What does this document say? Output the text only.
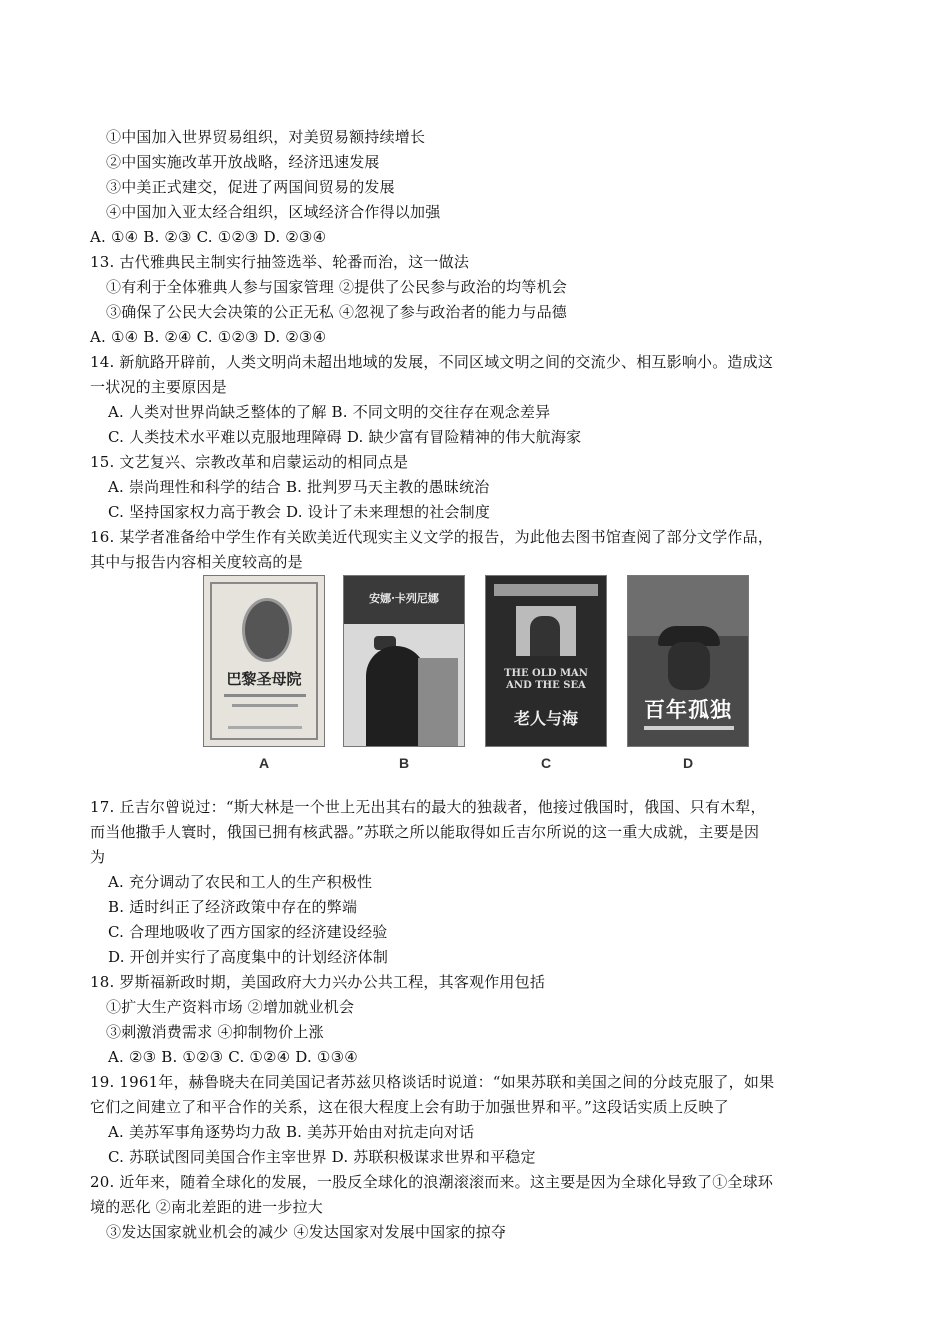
①中国加入世界贸易组织，对美贸易额持续增长
②中国实施改革开放战略，经济迅速发展
③中美正式建交，促进了两国间贸易的发展
④中国加入亚太经合组织，区域经济合作得以加强
A. ①④ B. ②③ C. ①②③ D. ②③④
13. 古代雅典民主制实行抽签选举、轮番而治，这一做法
①有利于全体雅典人参与国家管理 ②提供了公民参与政治的均等机会
③确保了公民大会决策的公正无私 ④忽视了参与政治者的能力与品德
A. ①④ B. ②④ C. ①②③ D. ②③④
14. 新航路开辟前，人类文明尚未超出地域的发展，不同区域文明之间的交流少、相互影响小。造成这
一状况的主要原因是
A. 人类对世界尚缺乏整体的了解 B. 不同文明的交往存在观念差异
C. 人类技术水平难以克服地理障碍 D. 缺少富有冒险精神的伟大航海家
15. 文艺复兴、宗教改革和启蒙运动的相同点是
A. 崇尚理性和科学的结合 B. 批判罗马天主教的愚昧统治
C. 坚持国家权力高于教会 D. 设计了未来理想的社会制度
16. 某学者准备给中学生作有关欧美近代现实主义文学的报告，为此他去图书馆查阅了部分文学作品，
其中与报告内容相关度较高的是
巴黎圣母院
A
安娜·卡列尼娜
B
THE OLD MAN AND THE SEA
老人与海
C
百年孤独
D
17. 丘吉尔曾说过：“斯大林是一个世上无出其右的最大的独裁者，他接过俄国时，俄国、只有木犁，
而当他撒手人寰时，俄国已拥有核武器。”苏联之所以能取得如丘吉尔所说的这一重大成就，主要是因
为
A. 充分调动了农民和工人的生产积极性
B. 适时纠正了经济政策中存在的弊端
C. 合理地吸收了西方国家的经济建设经验
D. 开创并实行了高度集中的计划经济体制
18. 罗斯福新政时期，美国政府大力兴办公共工程，其客观作用包括
①扩大生产资料市场 ②增加就业机会
③刺激消费需求 ④抑制物价上涨
A. ②③ B. ①②③ C. ①②④ D. ①③④
19. 1961年，赫鲁晓夫在同美国记者苏兹贝格谈话时说道：“如果苏联和美国之间的分歧克服了，如果
它们之间建立了和平合作的关系，这在很大程度上会有助于加强世界和平。”这段话实质上反映了
A. 美苏军事角逐势均力敌 B. 美苏开始由对抗走向对话
C. 苏联试图同美国合作主宰世界 D. 苏联积极谋求世界和平稳定
20. 近年来，随着全球化的发展，一股反全球化的浪潮滚滚而来。这主要是因为全球化导致了①全球环
境的恶化 ②南北差距的进一步拉大
③发达国家就业机会的减少 ④发达国家对发展中国家的掠夺
